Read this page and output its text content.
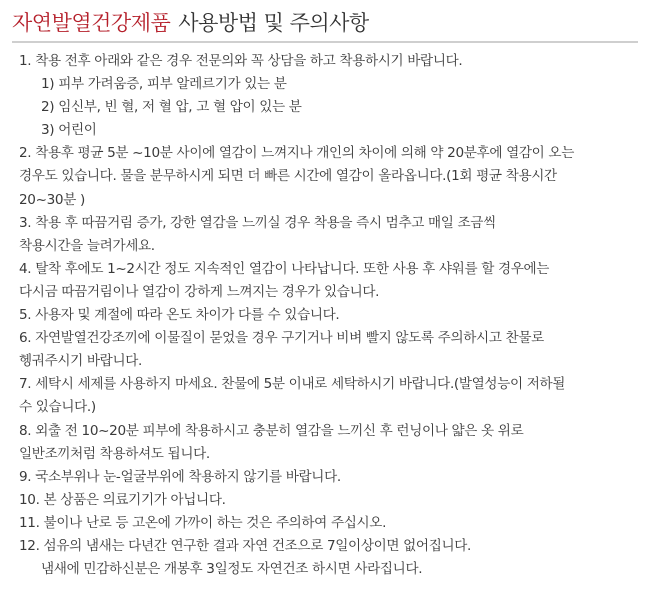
자연발열건강제품 사용방법 및 주의사항
1. 착용 전후 아래와 같은 경우 전문의와 꼭 상담을 하고 착용하시기 바랍니다.
1) 피부 가려움증, 피부 알레르기가 있는 분
2) 임신부, 빈 혈, 저 혈 압, 고 혈 압이 있는 분
3) 어린이
2. 착용후 평균 5분 ~10분 사이에 열감이 느껴지나 개인의 차이에 의해 약 20분후에 열감이 오는
경우도 있습니다. 물을 분무하시게 되면 더 빠른 시간에 열감이 올라옵니다.(1회 평균 착용시간
20~30분 )
3. 착용 후 따끔거림 증가, 강한 열감을 느끼실 경우 착용을 즉시 멈추고 매일 조금씩
착용시간을 늘려가세요.
4. 탈착 후에도 1~2시간 정도 지속적인 열감이 나타납니다. 또한 사용 후 샤워를 할 경우에는
다시금 따끔거림이나 열감이 강하게 느껴지는 경우가 있습니다.
5. 사용자 및 계절에 따라 온도 차이가 다를 수 있습니다.
6. 자연발열건강조끼에 이물질이 묻었을 경우 구기거나 비벼 빨지 않도록 주의하시고 찬물로
헹궈주시기 바랍니다.
7. 세탁시 세제를 사용하지 마세요. 찬물에 5분 이내로 세탁하시기 바랍니다.(발열성능이 저하될
수 있습니다.)
8. 외출 전 10~20분 피부에 착용하시고 충분히 열감을 느끼신 후 런닝이나 얇은 옷 위로
일반조끼처럼 착용하셔도 됩니다.
9. 국소부위나 눈-얼굴부위에 착용하지 않기를 바랍니다.
10. 본 상품은 의료기기가 아닙니다.
11. 불이나 난로 등 고온에 가까이 하는 것은 주의하여 주십시오.
12. 섬유의 냄새는 다년간 연구한 결과 자연 건조으로 7일이상이면 없어집니다.
냄새에 민감하신분은 개봉후 3일정도 자연건조 하시면 사라집니다.
